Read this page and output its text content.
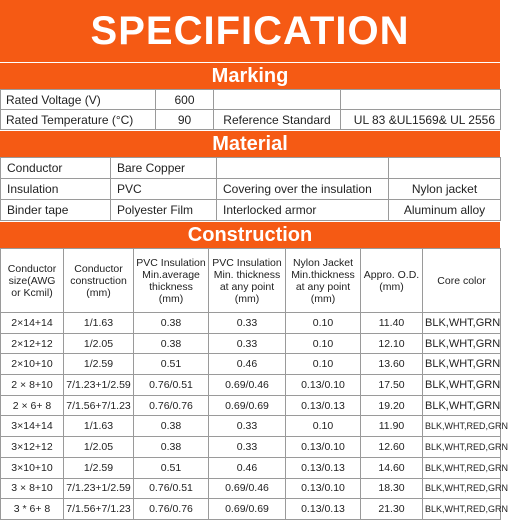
SPECIFICATION
Marking
Rated Voltage (V)	600		
Rated Temperature (°C)	90	Reference Standard	UL 83 &UL1569& UL 2556
Material
Conductor	Bare Copper		
Insulation	PVC	Covering over the insulation	Nylon jacket
Binder tape	Polyester Film	Interlocked armor	Aluminum alloy
Construction
Conductor size(AWG or Kcmil)	Conductor construction (mm)	PVC Insulation Min.average thickness (mm)	PVC Insulation Min. thickness at any point (mm)	Nylon Jacket Min.thickness at any point (mm)	Appro. O.D. (mm)	Core color
2×14+14	1/1.63	0.38	0.33	0.10	11.40	BLK,WHT,GRN
2×12+12	1/2.05	0.38	0.33	0.10	12.10	BLK,WHT,GRN
2×10+10	1/2.59	0.51	0.46	0.10	13.60	BLK,WHT,GRN
2 × 8+10	7/1.23+1/2.59	0.76/0.51	0.69/0.46	0.13/0.10	17.50	BLK,WHT,GRN
2 × 6+ 8	7/1.56+7/1.23	0.76/0.76	0.69/0.69	0.13/0.13	19.20	BLK,WHT,GRN
3×14+14	1/1.63	0.38	0.33	0.10	11.90	BLK,WHT,RED,GRN
3×12+12	1/2.05	0.38	0.33	0.13/0.10	12.60	BLK,WHT,RED,GRN
3×10+10	1/2.59	0.51	0.46	0.13/0.13	14.60	BLK,WHT,RED,GRN
3 × 8+10	7/1.23+1/2.59	0.76/0.51	0.69/0.46	0.13/0.10	18.30	BLK,WHT,RED,GRN
3 * 6+ 8	7/1.56+7/1.23	0.76/0.76	0.69/0.69	0.13/0.13	21.30	BLK,WHT,RED,GRN
